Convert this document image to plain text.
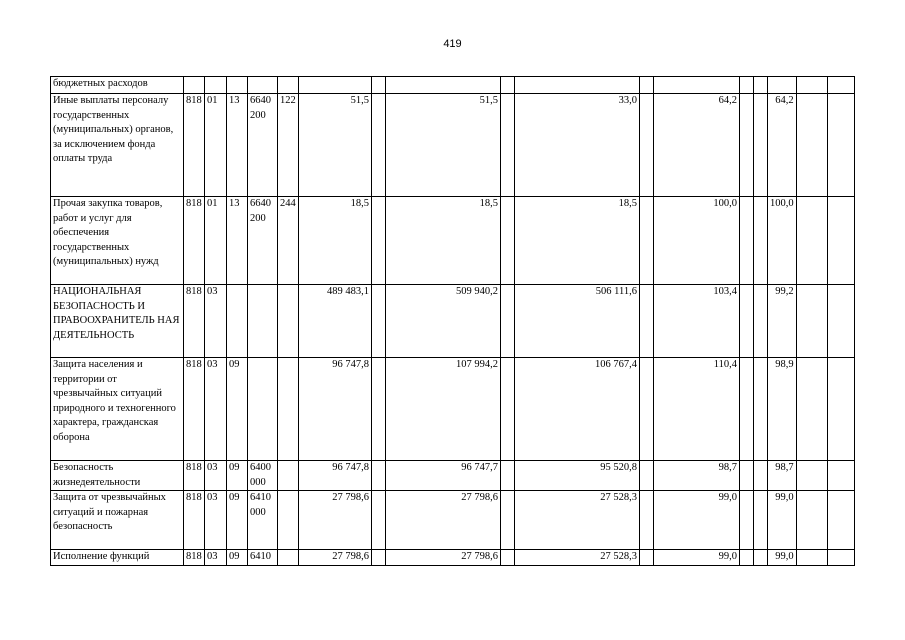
419
бюджетных расходов																	
Иные выплаты персоналу государственных (муниципальных) органов, за исключением фонда оплаты труда	818	01	13	6640 200	122	51,5		51,5		33,0		64,2			64,2		
Прочая закупка товаров, работ и услуг для обеспечения государственных (муниципальных) нужд	818	01	13	6640 200	244	18,5		18,5		18,5		100,0			100,0		
НАЦИОНАЛЬНАЯ БЕЗОПАСНОСТЬ И ПРАВООХРАНИТЕЛЬ НАЯ ДЕЯТЕЛЬНОСТЬ	818	03				489 483,1		509 940,2		506 111,6		103,4			99,2		
Защита населения и территории от чрезвычайных ситуаций природного и техногенного характера, гражданская оборона	818	03	09			96 747,8		107 994,2		106 767,4		110,4			98,9		
Безопасность жизнедеятельности	818	03	09	6400 000		96 747,8		96 747,7		95 520,8		98,7			98,7		
Защита от чрезвычайных ситуаций и пожарная безопасность	818	03	09	6410 000		27 798,6		27 798,6		27 528,3		99,0			99,0		
Исполнение функций	818	03	09	6410		27 798,6		27 798,6		27 528,3		99,0			99,0		
